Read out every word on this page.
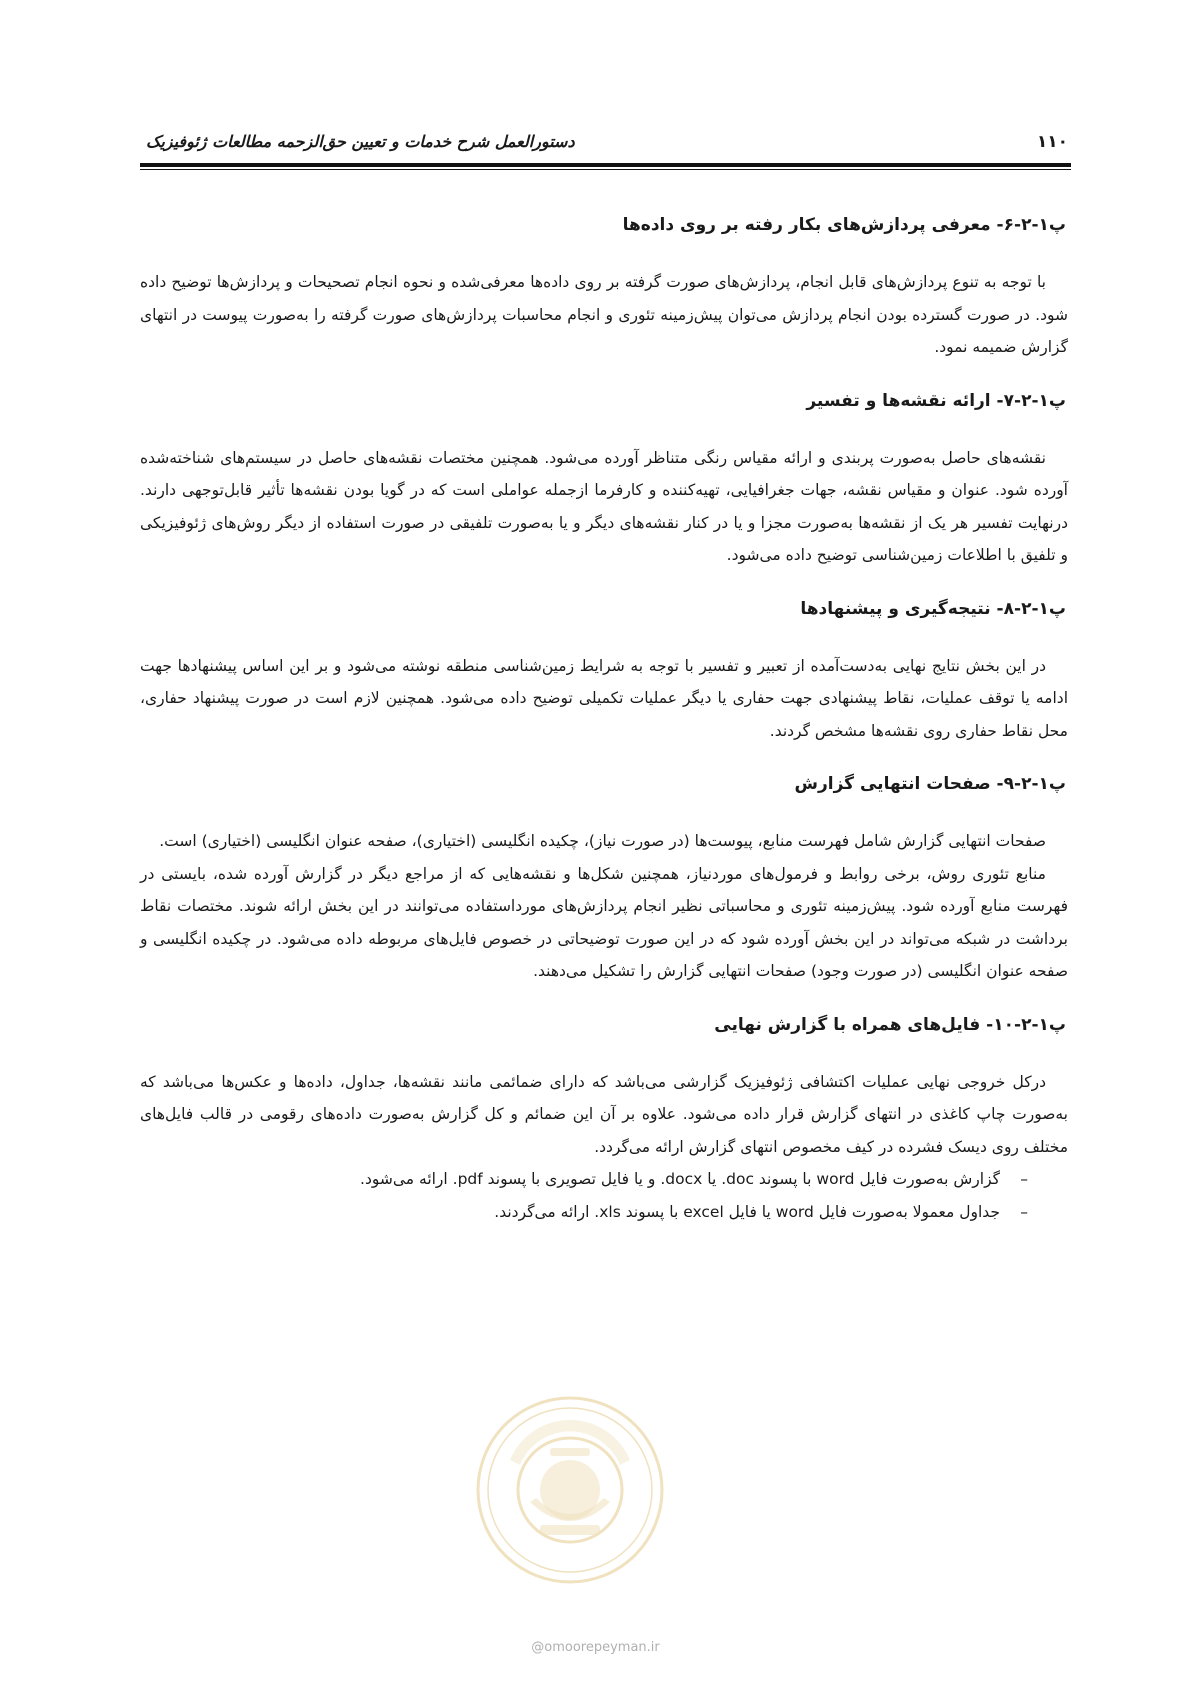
۱۱۰
دستورالعمل شرح خدمات و تعیین حق‌الزحمه مطالعات ژئوفیزیک
پ۱-۲-۶- معرفی پردازش‌های بکار رفته بر روی داده‌ها

با توجه به تنوع پردازش‌های قابل انجام، پردازش‌های صورت گرفته بر روی داده‌ها معرفی‌شده و نحوه انجام تصحیحات و پردازش‌ها توضیح داده شود. در صورت گسترده بودن انجام پردازش می‌توان پیش‌زمینه تئوری و انجام محاسبات پردازش‌های صورت گرفته را به‌صورت پیوست در انتهای گزارش ضمیمه نمود.

پ۱-۲-۷- ارائه نقشه‌ها و تفسیر

نقشه‌های حاصل به‌صورت پربندی و ارائه مقیاس رنگی متناظر آورده می‌شود. همچنین مختصات نقشه‌های حاصل در سیستم‌های شناخته‌شده آورده شود. عنوان و مقیاس نقشه، جهات جغرافیایی، تهیه‌کننده و کارفرما ازجمله عواملی است که در گویا بودن نقشه‌ها تأثیر قابل‌توجهی دارند. درنهایت تفسیر هر یک از نقشه‌ها به‌صورت مجزا و یا در کنار نقشه‌های دیگر و یا به‌صورت تلفیقی در صورت استفاده از دیگر روش‌های ژئوفیزیکی و تلفیق با اطلاعات زمین‌شناسی توضیح داده می‌شود.

پ۱-۲-۸- نتیجه‌گیری و پیشنهادها

در این بخش نتایج نهایی به‌دست‌آمده از تعبیر و تفسیر با توجه به شرایط زمین‌شناسی منطقه نوشته می‌شود و بر این اساس پیشنهادها جهت ادامه یا توقف عملیات، نقاط پیشنهادی جهت حفاری یا دیگر عملیات تکمیلی توضیح داده می‌شود. همچنین لازم است در صورت پیشنهاد حفاری، محل نقاط حفاری روی نقشه‌ها مشخص گردند.

پ۱-۲-۹- صفحات انتهایی گزارش

صفحات انتهایی گزارش شامل فهرست منابع، پیوست‌ها (در صورت نیاز)، چکیده انگلیسی (اختیاری)، صفحه عنوان انگلیسی (اختیاری) است.

منابع تئوری روش، برخی روابط و فرمول‌های موردنیاز، همچنین شکل‌ها و نقشه‌هایی که از مراجع دیگر در گزارش آورده شده، بایستی در فهرست منابع آورده شود. پیش‌زمینه تئوری و محاسباتی نظیر انجام پردازش‌های مورداستفاده می‌توانند در این بخش ارائه شوند. مختصات نقاط برداشت در شبکه می‌تواند در این بخش آورده شود که در این صورت توضیحاتی در خصوص فایل‌های مربوطه داده می‌شود. در چکیده انگلیسی و صفحه عنوان انگلیسی (در صورت وجود) صفحات انتهایی گزارش را تشکیل می‌دهند.

پ۱-۲-۱۰- فایل‌های همراه با گزارش نهایی

درکل خروجی نهایی عملیات اکتشافی ژئوفیزیک گزارشی می‌باشد که دارای ضمائمی مانند نقشه‌ها، جداول، داده‌ها و عکس‌ها می‌باشد که به‌صورت چاپ کاغذی در انتهای گزارش قرار داده می‌شود. علاوه بر آن این ضمائم و کل گزارش به‌صورت داده‌های رقومی در قالب فایل‌های مختلف روی دیسک فشرده در کیف مخصوص انتهای گزارش ارائه می‌گردد.

–
گزارش به‌صورت فایل word با پسوند doc. یا docx. و یا فایل تصویری با پسوند pdf. ارائه می‌شود.
–
جداول معمولا به‌صورت فایل word یا فایل excel با پسوند xls. ارائه می‌گردند.
@omoorepeyman.ir
